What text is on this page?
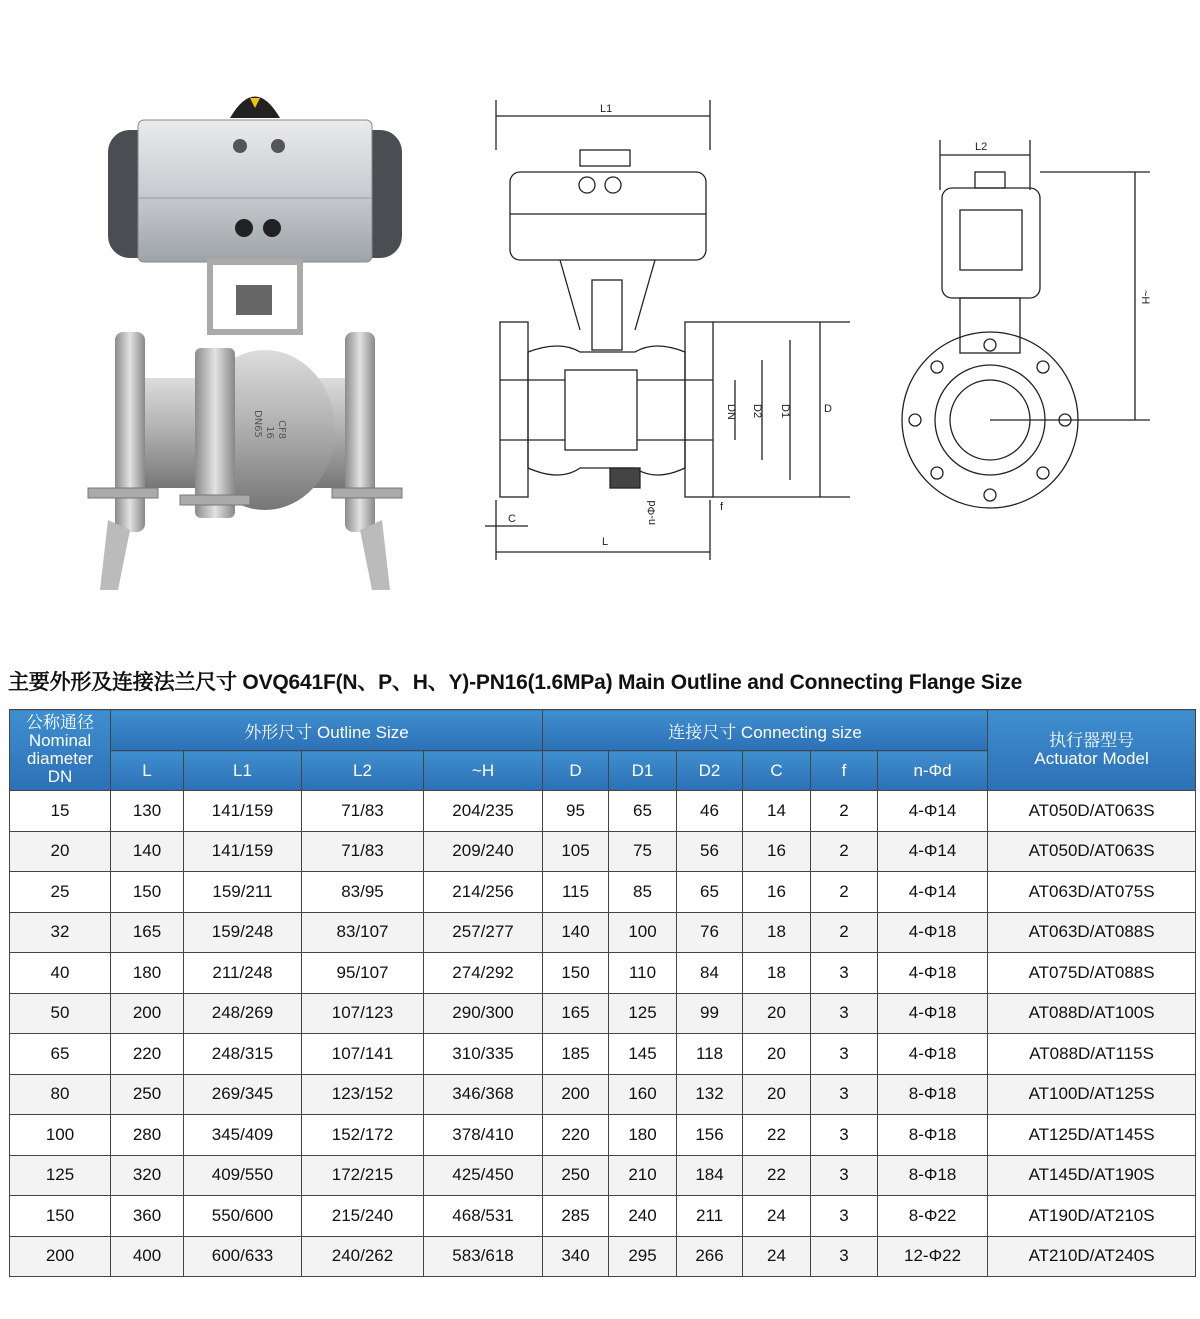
DN65 16 CF8
L1
DN D2 D1	D
C
f
n-Φd
L
L2
~H
主要外形及连接法兰尺寸 OVQ641F(N、P、H、Y)-PN16(1.6MPa) Main Outline and Connecting Flange Size
公称通径
Nominal
diameter
DN	外形尺寸 Outline Size				连接尺寸 Connecting size						执行器型号
Actuator Model

	L	L1	L2	~H	D	D1	D2	C	f	n-Φd	
15	130	141/159	71/83	204/235	95	65	46	14	2	4-Φ14	AT050D/AT063S
20	140	141/159	71/83	209/240	105	75	56	16	2	4-Φ14	AT050D/AT063S
25	150	159/211	83/95	214/256	115	85	65	16	2	4-Φ14	AT063D/AT075S
32	165	159/248	83/107	257/277	140	100	76	18	2	4-Φ18	AT063D/AT088S
40	180	211/248	95/107	274/292	150	110	84	18	3	4-Φ18	AT075D/AT088S
50	200	248/269	107/123	290/300	165	125	99	20	3	4-Φ18	AT088D/AT100S
65	220	248/315	107/141	310/335	185	145	118	20	3	4-Φ18	AT088D/AT115S
80	250	269/345	123/152	346/368	200	160	132	20	3	8-Φ18	AT100D/AT125S
100	280	345/409	152/172	378/410	220	180	156	22	3	8-Φ18	AT125D/AT145S
125	320	409/550	172/215	425/450	250	210	184	22	3	8-Φ18	AT145D/AT190S
150	360	550/600	215/240	468/531	285	240	211	24	3	8-Φ22	AT190D/AT210S
200	400	600/633	240/262	583/618	340	295	266	24	3	12-Φ22	AT210D/AT240S
